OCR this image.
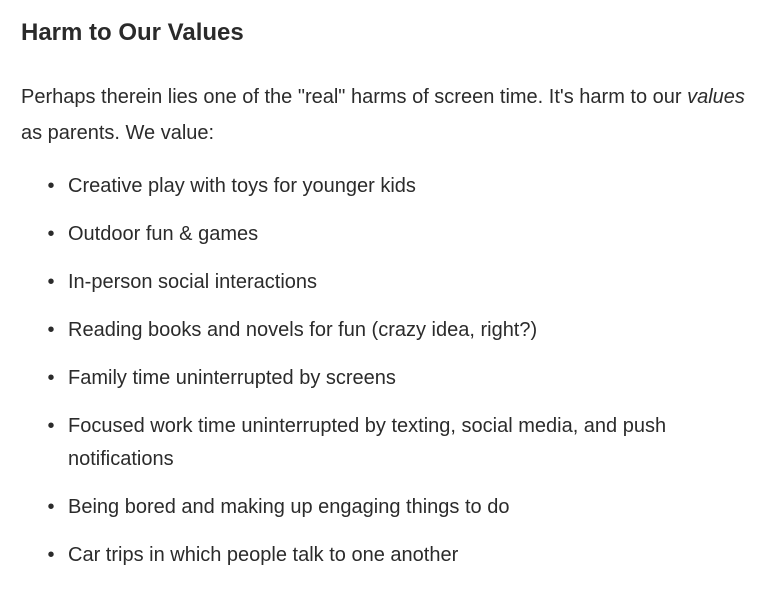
Harm to Our Values

Perhaps therein lies one of the "real" harms of screen time. It's harm to our values as parents. We value:

• Creative play with toys for younger kids
• Outdoor fun & games
• In-person social interactions
• Reading books and novels for fun (crazy idea, right?)
• Family time uninterrupted by screens
• Focused work time uninterrupted by texting, social media, and push notifications
• Being bored and making up engaging things to do
• Car trips in which people talk to one another
